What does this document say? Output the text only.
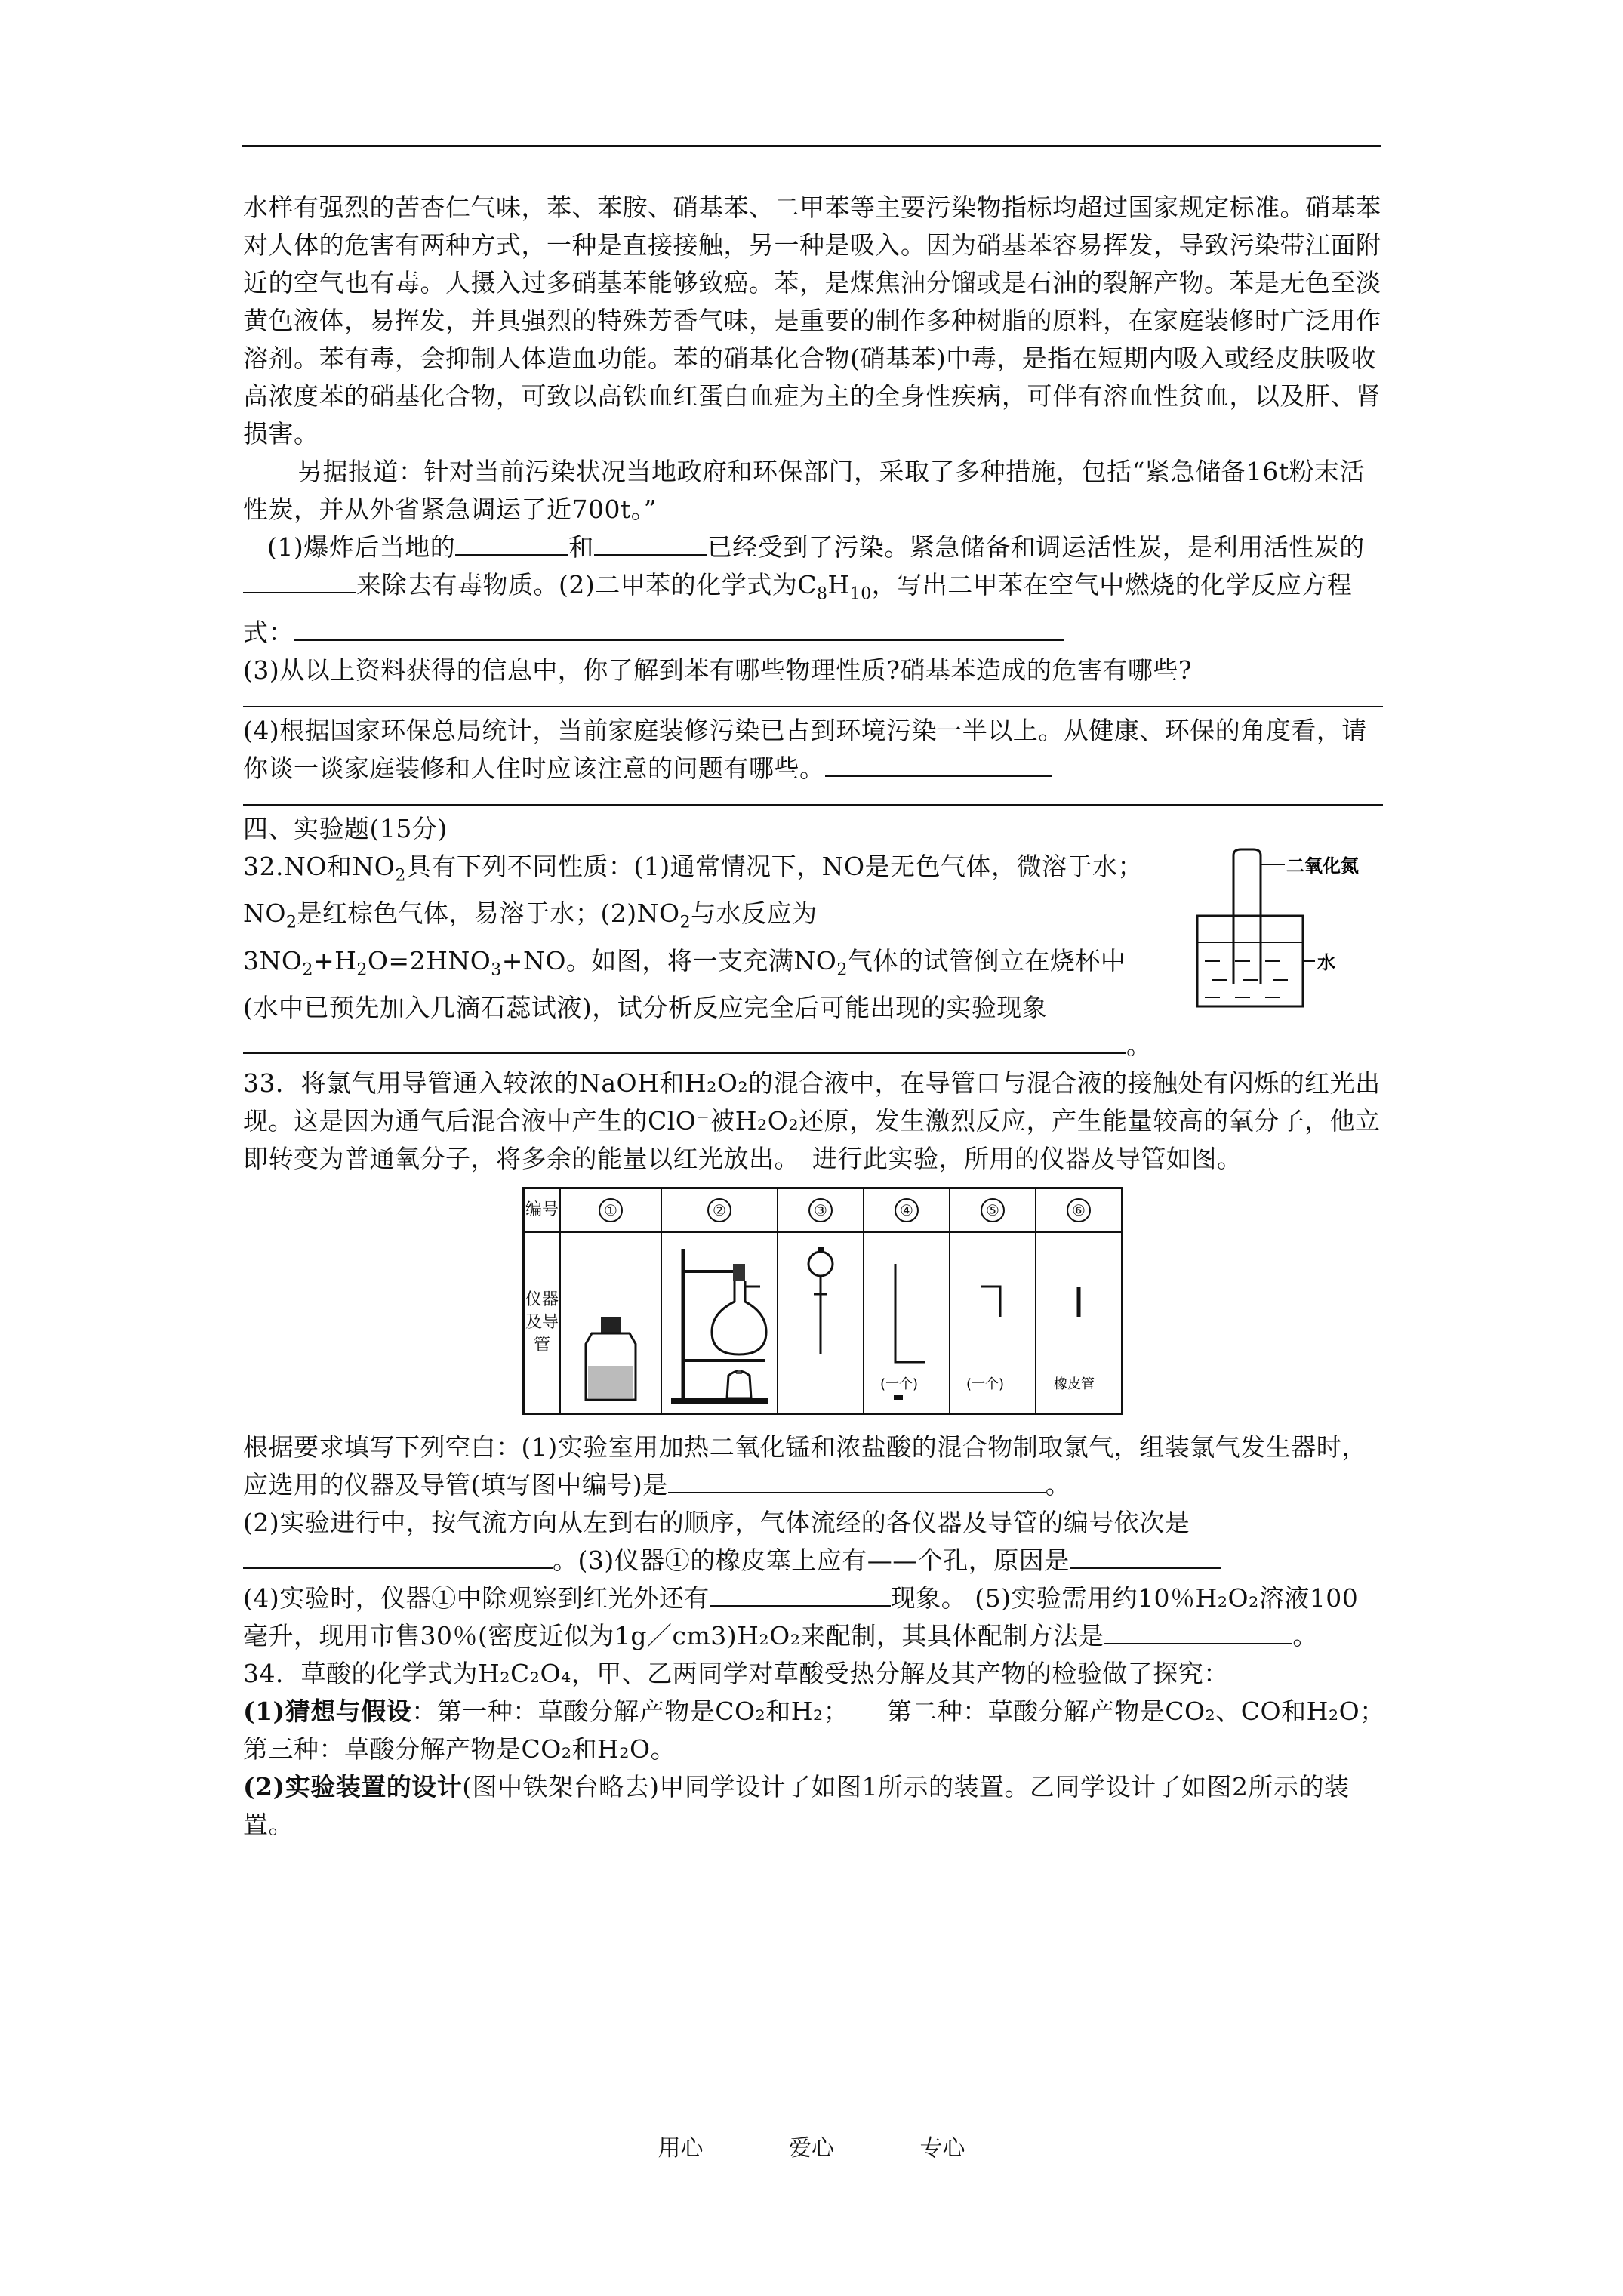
水样有强烈的苦杏仁气味，苯、苯胺、硝基苯、二甲苯等主要污染物指标均超过国家规定标准。硝基苯对人体的危害有两种方式，一种是直接接触，另一种是吸入。因为硝基苯容易挥发，导致污染带江面附近的空气也有毒。人摄入过多硝基苯能够致癌。苯，是煤焦油分馏或是石油的裂解产物。苯是无色至淡黄色液体，易挥发，并具强烈的特殊芳香气味，是重要的制作多种树脂的原料，在家庭装修时广泛用作溶剂。苯有毒，会抑制人体造血功能。苯的硝基化合物(硝基苯)中毒，是指在短期内吸入或经皮肤吸收高浓度苯的硝基化合物，可致以高铁血红蛋白血症为主的全身性疾病，可伴有溶血性贫血，以及肝、肾损害。

另据报道：针对当前污染状况当地政府和环保部门，采取了多种措施，包括“紧急储备16t粉末活性炭，并从外省紧急调运了近700t。”

(1)爆炸后当地的	和	已经受到了污染。紧急储备和调运活性炭，是利用活性炭的来除去有毒物质。(2)二甲苯的化学式为$C_8H_{10}$，写出二甲苯在空气中燃烧的化学反应方程式：

(3)从以上资料获得的信息中，你了解到苯有哪些物理性质?硝基苯造成的危害有哪些?

(4)根据国家环保总局统计，当前家庭装修污染已占到环境污染一半以上。从健康、环保的角度看，请你谈一谈家庭装修和人住时应该注意的问题有哪些。

四、实验题(15分)

32.NO和$NO_2$具有下列不同性质：(1)通常情况下，NO是无色气体，微溶于水；$NO_2$是红棕色气体，易溶于水；$(2)NO_2$与水反应为$3NO_2+H_2O=2HNO_3+NO$。如图，将一支充满$NO_2$气体的试管倒立在烧杯中(水中已预先加入几滴石蕊试液)，试分析反应完全后可能出现的实验现象

。

二氧化氮
水

33．将氯气用导管通入较浓的NaOH和H₂O₂的混合液中，在导管口与混合液的接触处有闪烁的红光出现。这是因为通气后混合液中产生的ClO⁻被H₂O₂还原，发生激烈反应，产生能量较高的氧分子，他立即转变为普通氧分子，将多余的能量以红光放出。　进行此实验，所用的仪器及导管如图。

编号	①	②	③	④	⑤	⑥
仪器及导管				(一个)	(一个)	橡皮管

根据要求填写下列空白：(1)实验室用加热二氧化锰和浓盐酸的混合物制取氯气，组装氯气发生器时，应选用的仪器及导管(填写图中编号)是	。

(2)实验进行中，按气流方向从左到右的顺序，气体流经的各仪器及导管的编号依次是。(3)仪器①的橡皮塞上应有——个孔，原因是

(4)实验时，仪器①中除观察到红光外还有	现象。 (5)实验需用约10％H₂O₂溶液100毫升，现用市售30％(密度近似为1g／cm3)H₂O₂来配制，其具体配制方法是	。

34．草酸的化学式为H₂C₂O₄，甲、乙两同学对草酸受热分解及其产物的检验做了探究：

(1)猜想与假设：第一种：草酸分解产物是CO₂和H₂；　　第二种：草酸分解产物是CO₂、CO和H₂O；　　第三种：草酸分解产物是CO₂和H₂O。

(2)实验装置的设计(图中铁架台略去)甲同学设计了如图1所示的装置。乙同学设计了如图2所示的装置。

用心	爱心	专心
